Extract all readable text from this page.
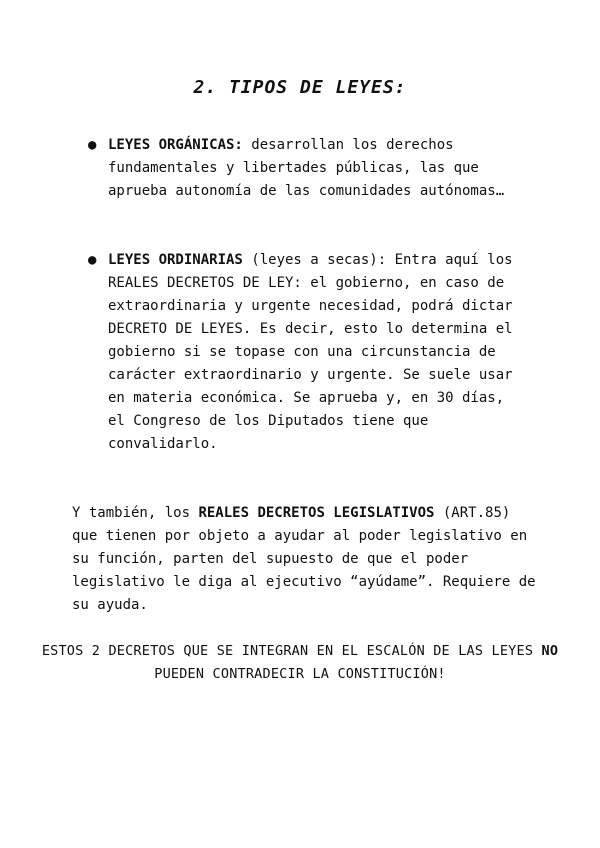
2. TIPOS DE LEYES:
● LEYES ORGÁNICAS: desarrollan los derechos fundamentales y libertades públicas, las que aprueba autonomía de las comunidades autónomas…
● LEYES ORDINARIAS (leyes a secas): Entra aquí los REALES DECRETOS DE LEY: el gobierno, en caso de extraordinaria y urgente necesidad, podrá dictar DECRETO DE LEYES. Es decir, esto lo determina el gobierno si se topase con una circunstancia de carácter extraordinario y urgente. Se suele usar en materia económica. Se aprueba y, en 30 días, el Congreso de los Diputados tiene que convalidarlo.

Y también, los REALES DECRETOS LEGISLATIVOS (ART.85) que tienen por objeto a ayudar al poder legislativo en su función, parten del supuesto de que el poder legislativo le diga al ejecutivo “ayúdame”. Requiere de su ayuda.

ESTOS 2 DECRETOS QUE SE INTEGRAN EN EL ESCALÓN DE LAS LEYES NO PUEDEN CONTRADECIR LA CONSTITUCIÓN!
